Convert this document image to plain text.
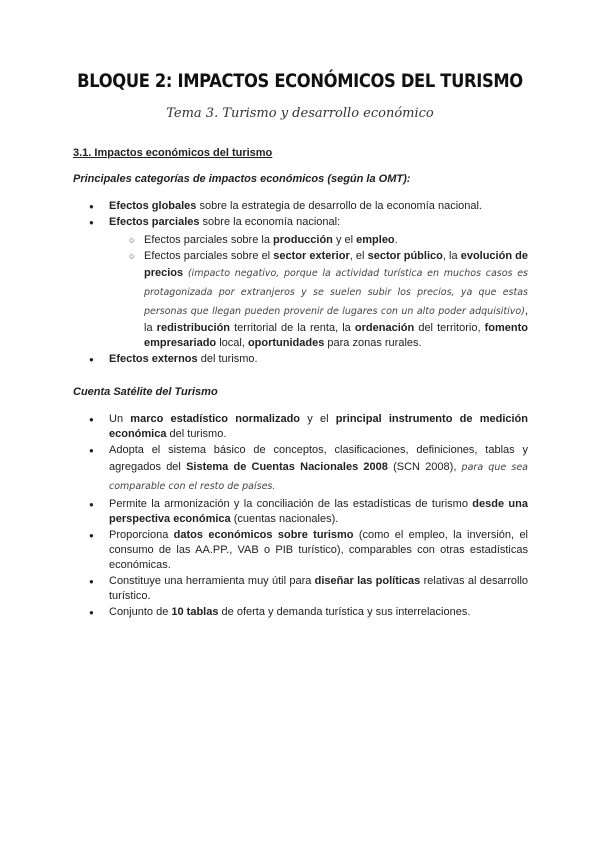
BLOQUE 2: IMPACTOS ECONÓMICOS DEL TURISMO
Tema 3. Turismo y desarrollo económico
3.1. Impactos económicos del turismo
Principales categorías de impactos económicos (según la OMT):
● Efectos globales sobre la estrategia de desarrollo de la economía nacional.
● Efectos parciales sobre la economía nacional:
○ Efectos parciales sobre la producción y el empleo.
○ Efectos parciales sobre el sector exterior, el sector público, la evolución de precios (impacto negativo, porque la actividad turística en muchos casos es protagonizada por extranjeros y se suelen subir los precios, ya que estas personas que llegan pueden provenir de lugares con un alto poder adquisitivo), la redistribución territorial de la renta, la ordenación del territorio, fomento empresariado local, oportunidades para zonas rurales.
● Efectos externos del turismo.
Cuenta Satélite del Turismo
● Un marco estadístico normalizado y el principal instrumento de medición económica del turismo.
● Adopta el sistema básico de conceptos, clasificaciones, definiciones, tablas y agregados del Sistema de Cuentas Nacionales 2008 (SCN 2008), para que sea comparable con el resto de países.
● Permite la armonización y la conciliación de las estadísticas de turismo desde una perspectiva económica (cuentas nacionales).
● Proporciona datos económicos sobre turismo (como el empleo, la inversión, el consumo de las AA.PP., VAB o PIB turístico), comparables con otras estadísticas económicas.
● Constituye una herramienta muy útil para diseñar las políticas relativas al desarrollo turístico.
● Conjunto de 10 tablas de oferta y demanda turística y sus interrelaciones.
